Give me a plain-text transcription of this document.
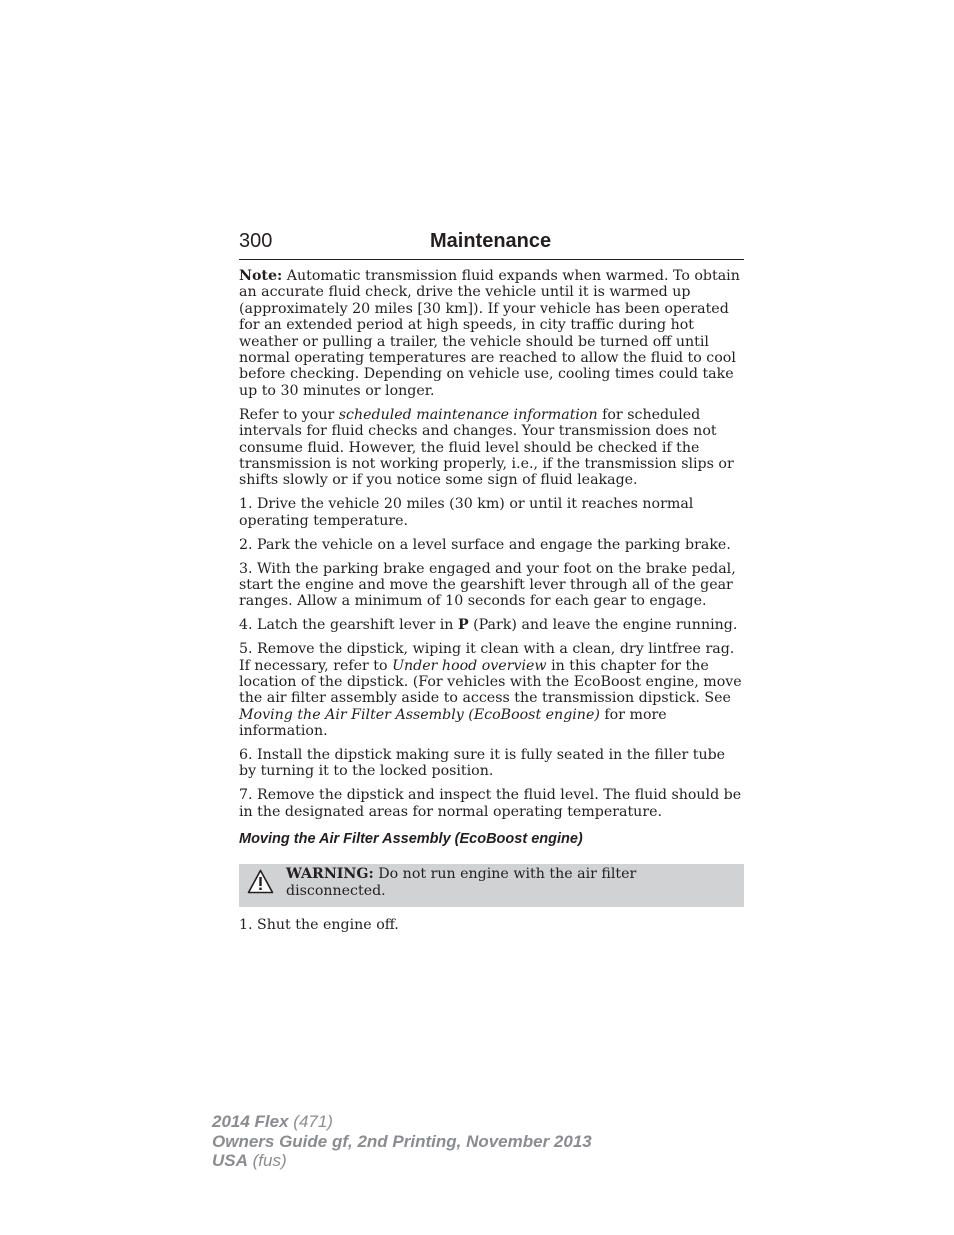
300	Maintenance

Note: Automatic transmission fluid expands when warmed. To obtain an accurate fluid check, drive the vehicle until it is warmed up (approximately 20 miles [30 km]). If your vehicle has been operated for an extended period at high speeds, in city traffic during hot weather or pulling a trailer, the vehicle should be turned off until normal operating temperatures are reached to allow the fluid to cool before checking. Depending on vehicle use, cooling times could take up to 30 minutes or longer.

Refer to your scheduled maintenance information for scheduled intervals for fluid checks and changes. Your transmission does not consume fluid. However, the fluid level should be checked if the transmission is not working properly, i.e., if the transmission slips or shifts slowly or if you notice some sign of fluid leakage.

1. Drive the vehicle 20 miles (30 km) or until it reaches normal operating temperature.

2. Park the vehicle on a level surface and engage the parking brake.

3. With the parking brake engaged and your foot on the brake pedal, start the engine and move the gearshift lever through all of the gear ranges. Allow a minimum of 10 seconds for each gear to engage.

4. Latch the gearshift lever in P (Park) and leave the engine running.

5. Remove the dipstick, wiping it clean with a clean, dry lintfree rag. If necessary, refer to Under hood overview in this chapter for the location of the dipstick. (For vehicles with the EcoBoost engine, move the air filter assembly aside to access the transmission dipstick. See Moving the Air Filter Assembly (EcoBoost engine) for more information.

6. Install the dipstick making sure it is fully seated in the filler tube by turning it to the locked position.

7. Remove the dipstick and inspect the fluid level. The fluid should be in the designated areas for normal operating temperature.

Moving the Air Filter Assembly (EcoBoost engine)
WARNING: Do not run engine with the air filter disconnected.

1. Shut the engine off.

2014 Flex (471)
Owners Guide gf, 2nd Printing, November 2013
USA (fus)
